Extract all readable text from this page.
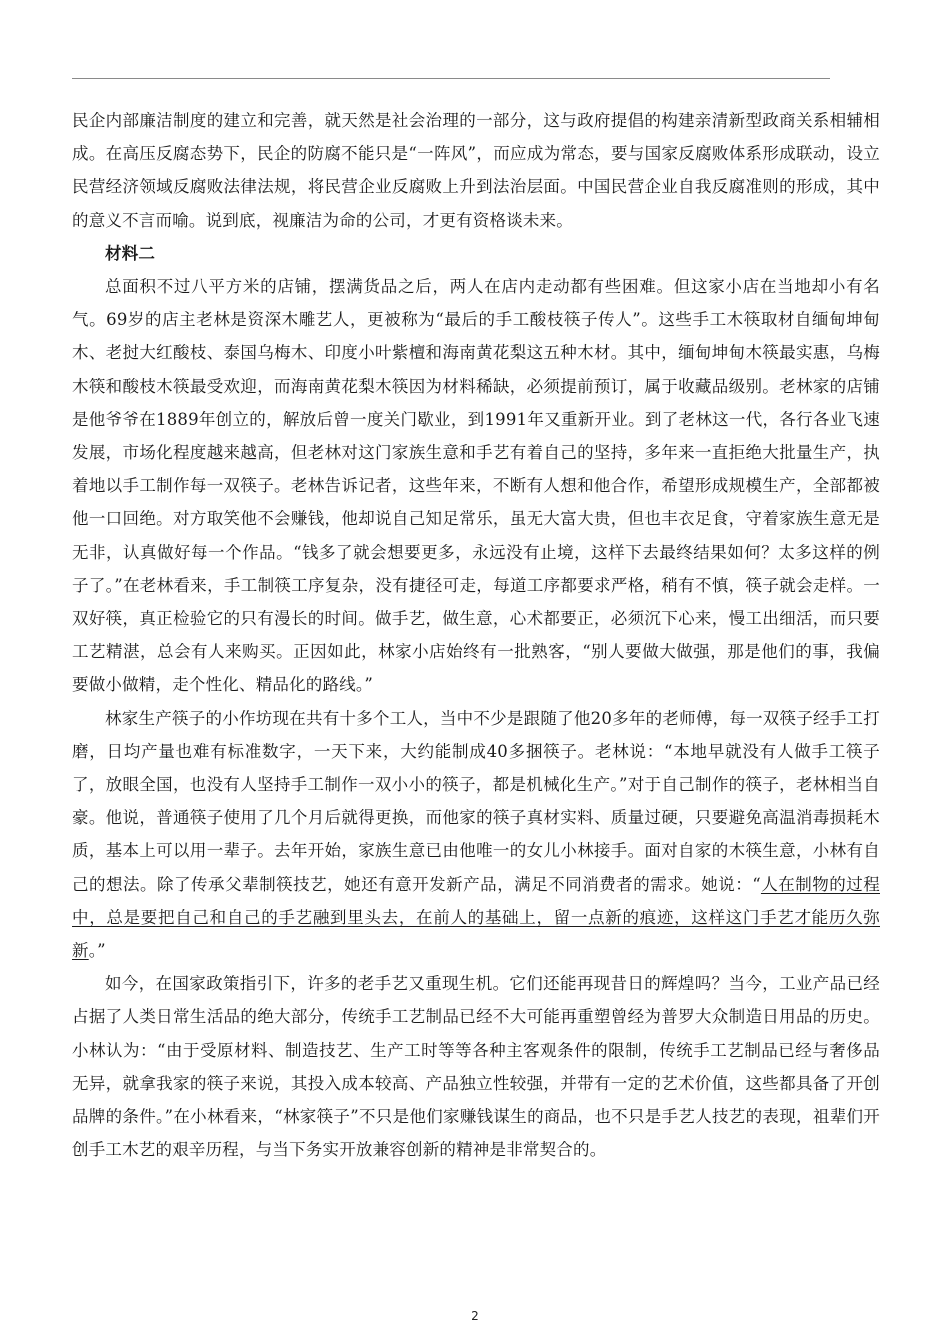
民企内部廉洁制度的建立和完善，就天然是社会治理的一部分，这与政府提倡的构建亲清新型政商关系相辅相成。在高压反腐态势下，民企的防腐不能只是“一阵风”，而应成为常态，要与国家反腐败体系形成联动，设立民营经济领域反腐败法律法规，将民营企业反腐败上升到法治层面。中国民营企业自我反腐准则的形成，其中的意义不言而喻。说到底，视廉洁为命的公司，才更有资格谈未来。

材料二

总面积不过八平方米的店铺，摆满货品之后，两人在店内走动都有些困难。但这家小店在当地却小有名气。69岁的店主老林是资深木雕艺人，更被称为“最后的手工酸枝筷子传人”。这些手工木筷取材自缅甸坤甸木、老挝大红酸枝、泰国乌梅木、印度小叶紫檀和海南黄花梨这五种木材。其中，缅甸坤甸木筷最实惠，乌梅木筷和酸枝木筷最受欢迎，而海南黄花梨木筷因为材料稀缺，必须提前预订，属于收藏品级别。老林家的店铺是他爷爷在1889年创立的，解放后曾一度关门歇业，到1991年又重新开业。到了老林这一代，各行各业飞速发展，市场化程度越来越高，但老林对这门家族生意和手艺有着自己的坚持，多年来一直拒绝大批量生产，执着地以手工制作每一双筷子。老林告诉记者，这些年来，不断有人想和他合作，希望形成规模生产，全部都被他一口回绝。对方取笑他不会赚钱，他却说自己知足常乐，虽无大富大贵，但也丰衣足食，守着家族生意无是无非，认真做好每一个作品。“钱多了就会想要更多，永远没有止境，这样下去最终结果如何？太多这样的例子了。”在老林看来，手工制筷工序复杂，没有捷径可走，每道工序都要求严格，稍有不慎，筷子就会走样。一双好筷，真正检验它的只有漫长的时间。做手艺，做生意，心术都要正，必须沉下心来，慢工出细活，而只要工艺精湛，总会有人来购买。正因如此，林家小店始终有一批熟客，“别人要做大做强，那是他们的事，我偏要做小做精，走个性化、精品化的路线。”

林家生产筷子的小作坊现在共有十多个工人，当中不少是跟随了他20多年的老师傅，每一双筷子经手工打磨，日均产量也难有标准数字，一天下来，大约能制成40多捆筷子。老林说：“本地早就没有人做手工筷子了，放眼全国，也没有人坚持手工制作一双小小的筷子，都是机械化生产。”对于自己制作的筷子，老林相当自豪。他说，普通筷子使用了几个月后就得更换，而他家的筷子真材实料、质量过硬，只要避免高温消毒损耗木质，基本上可以用一辈子。去年开始，家族生意已由他唯一的女儿小林接手。面对自家的木筷生意，小林有自己的想法。除了传承父辈制筷技艺，她还有意开发新产品，满足不同消费者的需求。她说：“人在制物的过程中，总是要把自己和自己的手艺融到里头去，在前人的基础上，留一点新的痕迹，这样这门手艺才能历久弥新。”

如今，在国家政策指引下，许多的老手艺又重现生机。它们还能再现昔日的辉煌吗？当今，工业产品已经占据了人类日常生活品的绝大部分，传统手工艺制品已经不大可能再重塑曾经为普罗大众制造日用品的历史。小林认为：“由于受原材料、制造技艺、生产工时等等各种主客观条件的限制，传统手工艺制品已经与奢侈品无异，就拿我家的筷子来说，其投入成本较高、产品独立性较强，并带有一定的艺术价值，这些都具备了开创品牌的条件。”在小林看来，“林家筷子”不只是他们家赚钱谋生的商品，也不只是手艺人技艺的表现，祖辈们开创手工木艺的艰辛历程，与当下务实开放兼容创新的精神是非常契合的。

2
